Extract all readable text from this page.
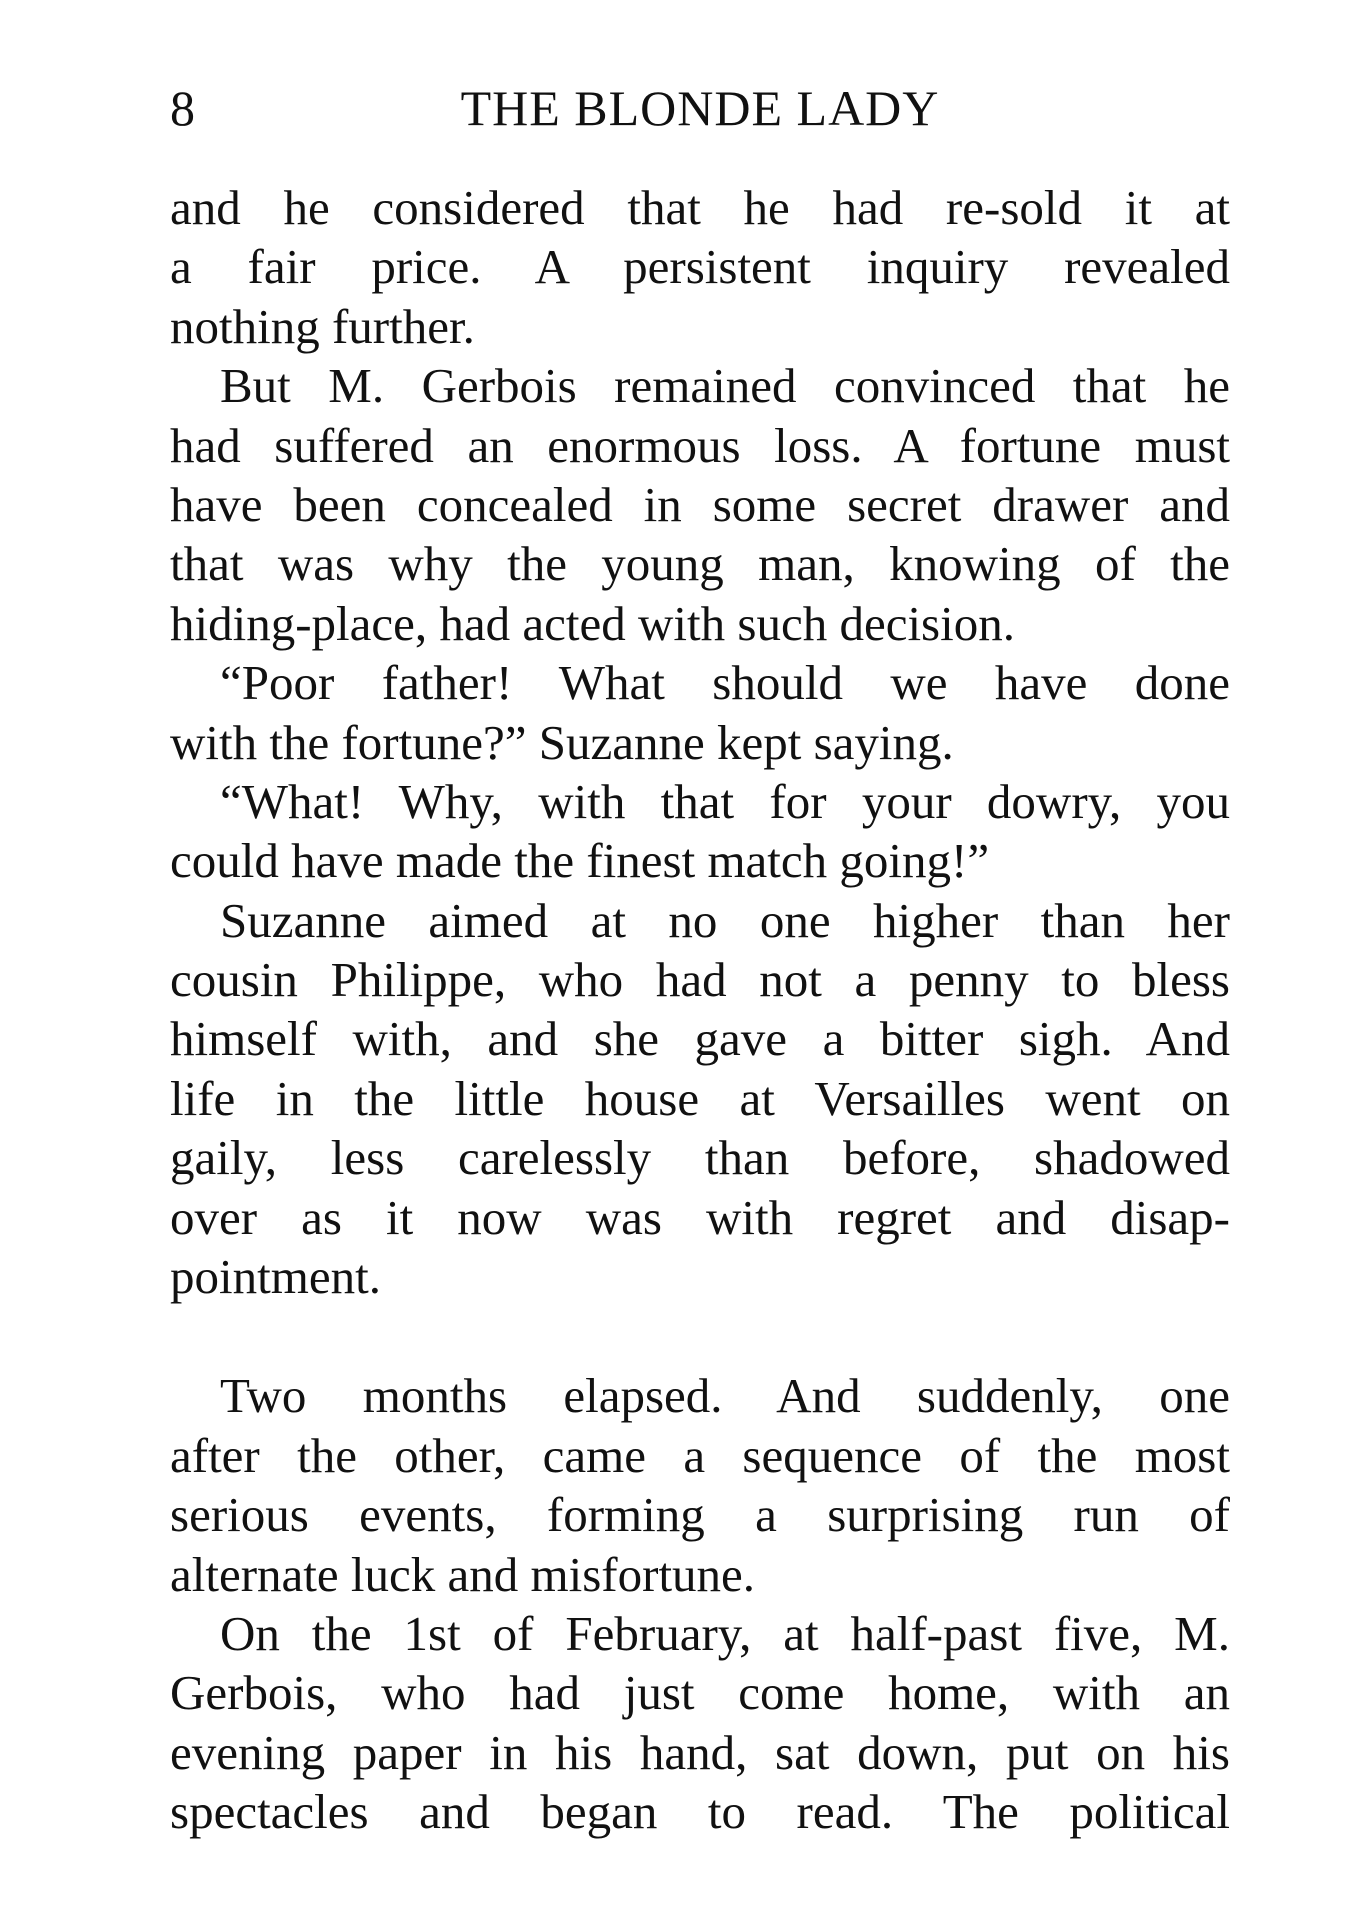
8	THE BLONDE LADY
and he considered that he had re-sold it at
a fair price. A persistent inquiry revealed
nothing further.
But M. Gerbois remained convinced that he
had suffered an enormous loss. A fortune must
have been concealed in some secret drawer and
that was why the young man, knowing of the
hiding-place, had acted with such decision.
“Poor father! What should we have done
with the fortune?” Suzanne kept saying.
“What! Why, with that for your dowry, you
could have made the finest match going!”
Suzanne aimed at no one higher than her
cousin Philippe, who had not a penny to bless
himself with, and she gave a bitter sigh. And
life in the little house at Versailles went on
gaily, less carelessly than before, shadowed
over as it now was with regret and disap-
pointment.
Two months elapsed. And suddenly, one
after the other, came a sequence of the most
serious events, forming a surprising run of
alternate luck and misfortune.
On the 1st of February, at half-past five, M.
Gerbois, who had just come home, with an
evening paper in his hand, sat down, put on his
spectacles and began to read. The political
